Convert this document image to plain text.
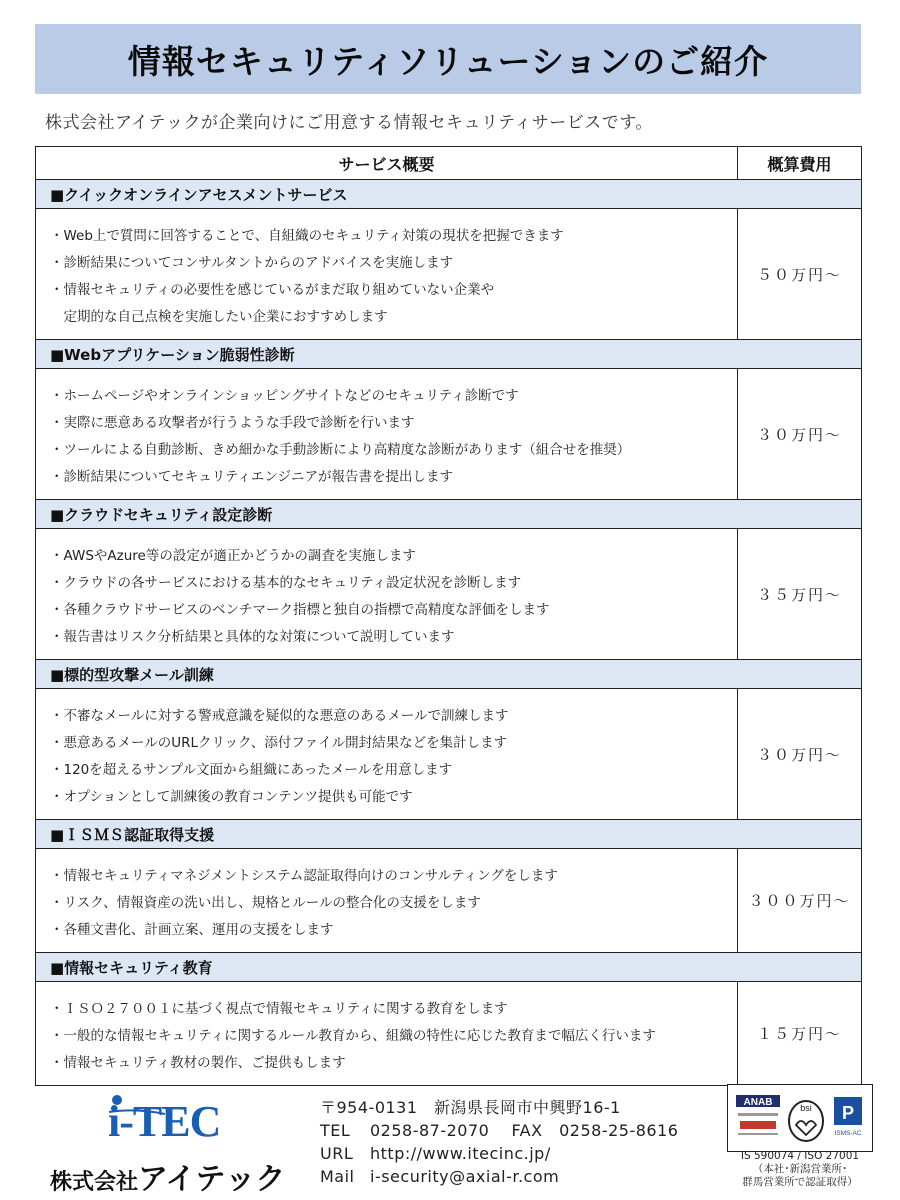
情報セキュリティソリューションのご紹介
株式会社アイテックが企業向けにご用意する情報セキュリティサービスです。
サービス概要	概算費用
■クイックオンラインアセスメントサービス	

・Web上で質問に回答することで、自組織のセキュリティ対策の現状を把握できます
・診断結果についてコンサルタントからのアドバイスを実施します
・情報セキュリティの必要性を感じているがまだ取り組めていない企業や
　定期的な自己点検を実施したい企業におすすめします	５０万円〜
■Webアプリケーション脆弱性診断	

・ホームページやオンラインショッピングサイトなどのセキュリティ診断です
・実際に悪意ある攻撃者が行うような手段で診断を行います
・ツールによる自動診断、きめ細かな手動診断により高精度な診断があります（組合せを推奨）
・診断結果についてセキュリティエンジニアが報告書を提出します	３０万円〜
■クラウドセキュリティ設定診断	

・AWSやAzure等の設定が適正かどうかの調査を実施します
・クラウドの各サービスにおける基本的なセキュリティ設定状況を診断します
・各種クラウドサービスのベンチマーク指標と独自の指標で高精度な評価をします
・報告書はリスク分析結果と具体的な対策について説明しています	３５万円〜
■標的型攻撃メール訓練	

・不審なメールに対する警戒意識を疑似的な悪意のあるメールで訓練します
・悪意あるメールのURLクリック、添付ファイル開封結果などを集計します
・120を超えるサンプル文面から組織にあったメールを用意します
・オプションとして訓練後の教育コンテンツ提供も可能です	３０万円〜
■ＩＳＭＳ認証取得支援	

・情報セキュリティマネジメントシステム認証取得向けのコンサルティングをします
・リスク、情報資産の洗い出し、規格とルールの整合化の支援をします
・各種文書化、計画立案、運用の支援をします	３００万円〜
■情報セキュリティ教育	

・ＩＳＯ２７００１に基づく視点で情報セキュリティに関する教育をします
・一般的な情報セキュリティに関するルール教育から、組織の特性に応じた教育まで幅広く行います
・情報セキュリティ教材の製作、ご提供もします	１５万円〜
i-TEC
株式会社アイテック
〒954-0131　新潟県長岡市中興野16-1
TEL 0258-87-2070　 FAX　 0258-25-8616
URL http://www.itecinc.jp/
Mail i-security@axial-r.com
ANAB	bsi P
ISMS-AC
IS 590074 / ISO 27001
（本社･新潟営業所･
群馬営業所で認証取得）
